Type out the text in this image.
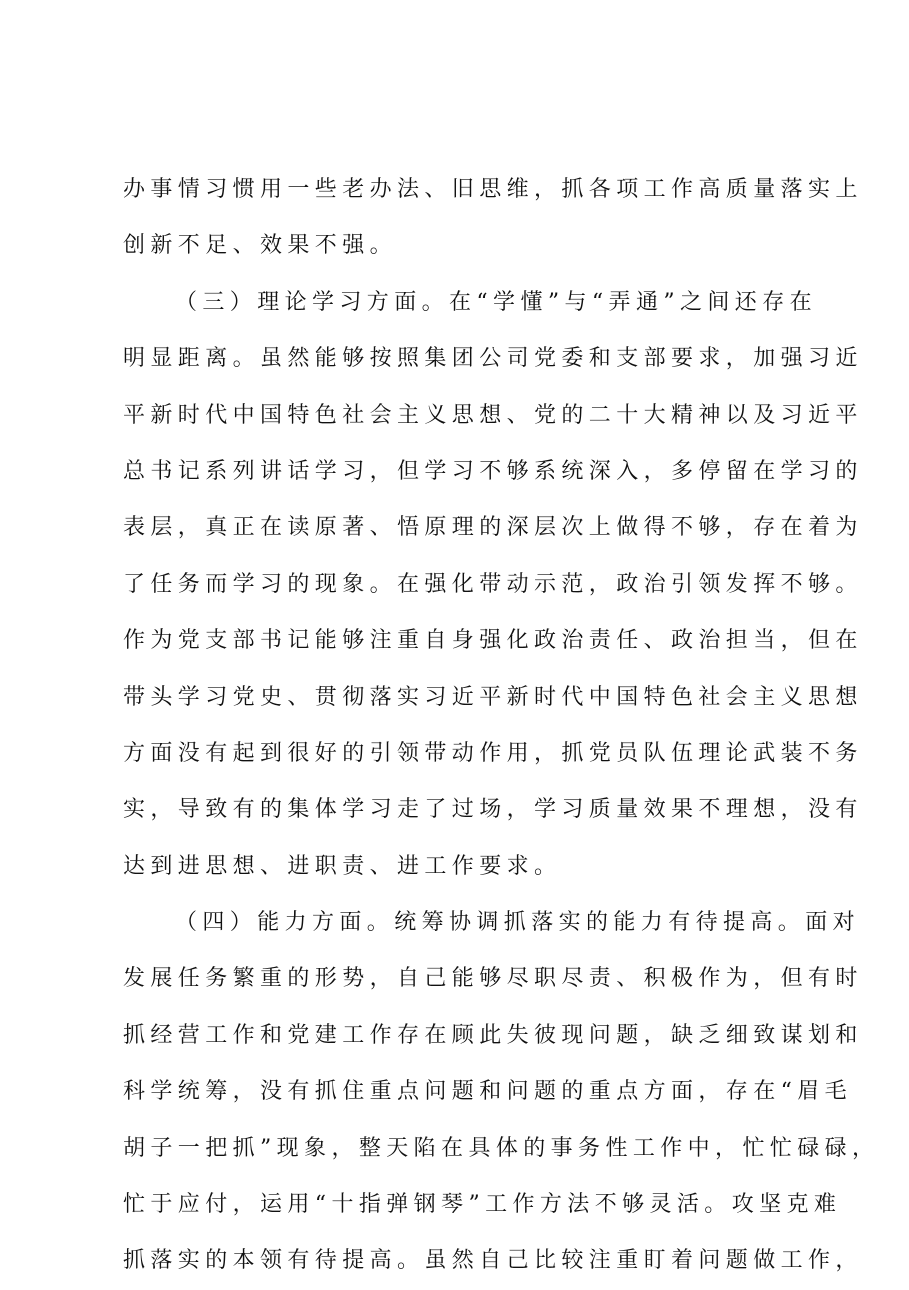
办事情习惯用一些老办法、旧思维，抓各项工作高质量落实上
创新不足、效果不强。
（三）理论学习方面。在“学懂”与“弄通”之间还存在
明显距离。虽然能够按照集团公司党委和支部要求，加强习近
平新时代中国特色社会主义思想、党的二十大精神以及习近平
总书记系列讲话学习，但学习不够系统深入，多停留在学习的
表层，真正在读原著、悟原理的深层次上做得不够，存在着为
了任务而学习的现象。在强化带动示范，政治引领发挥不够。
作为党支部书记能够注重自身强化政治责任、政治担当，但在
带头学习党史、贯彻落实习近平新时代中国特色社会主义思想
方面没有起到很好的引领带动作用，抓党员队伍理论武装不务
实，导致有的集体学习走了过场，学习质量效果不理想，没有
达到进思想、进职责、进工作要求。
（四）能力方面。统筹协调抓落实的能力有待提高。面对
发展任务繁重的形势，自己能够尽职尽责、积极作为，但有时
抓经营工作和党建工作存在顾此失彼现问题，缺乏细致谋划和
科学统筹，没有抓住重点问题和问题的重点方面，存在“眉毛
胡子一把抓”现象，整天陷在具体的事务性工作中，忙忙碌碌，
忙于应付，运用“十指弹钢琴”工作方法不够灵活。攻坚克难
抓落实的本领有待提高。虽然自己比较注重盯着问题做工作，
